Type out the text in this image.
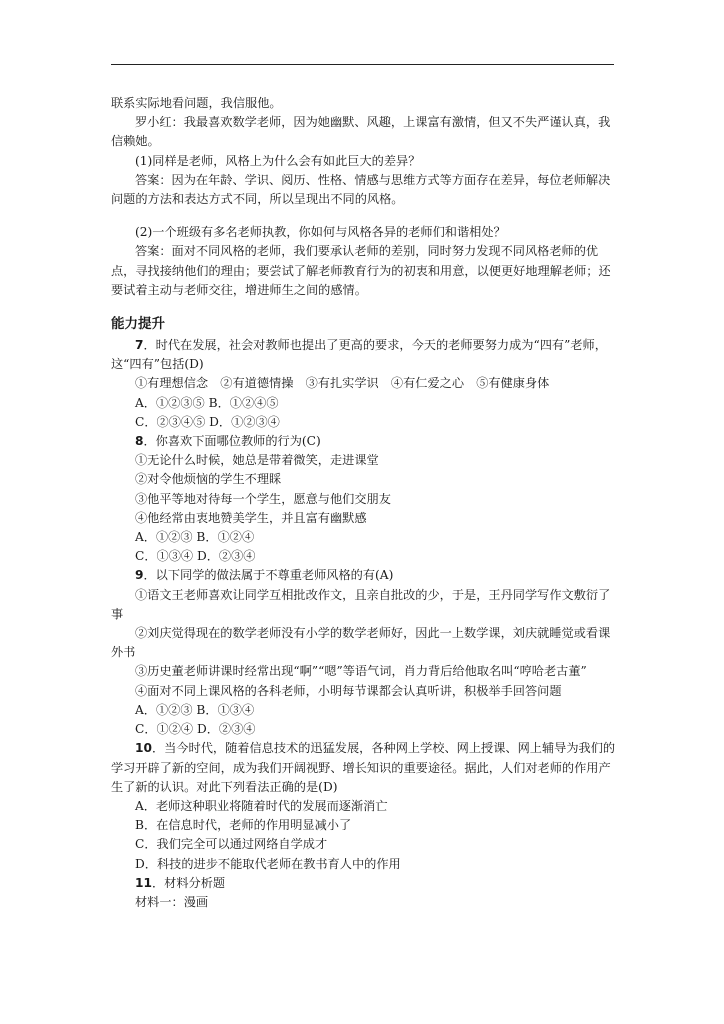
联系实际地看问题，我信服他。

罗小红：我最喜欢数学老师，因为她幽默、风趣，上课富有激情，但又不失严谨认真，我信赖她。

(1)同样是老师，风格上为什么会有如此巨大的差异？

答案：因为在年龄、学识、阅历、性格、情感与思维方式等方面存在差异，每位老师解决问题的方法和表达方式不同，所以呈现出不同的风格。

(2)一个班级有多名老师执教，你如何与风格各异的老师们和谐相处？

答案：面对不同风格的老师，我们要承认老师的差别，同时努力发现不同风格老师的优点，寻找接纳他们的理由；要尝试了解老师教育行为的初衷和用意，以便更好地理解老师；还要试着主动与老师交往，增进师生之间的感情。

能力提升

7．时代在发展，社会对教师也提出了更高的要求，今天的老师要努力成为“四有”老师，这“四有”包括(D)

①有理想信念　②有道德情操　③有扎实学识　④有仁爱之心　⑤有健康身体

A．①②③⑤ B．①②④⑤

C．②③④⑤ D．①②③④

8．你喜欢下面哪位教师的行为(C)

①无论什么时候，她总是带着微笑，走进课堂

②对令他烦恼的学生不理睬

③他平等地对待每一个学生，愿意与他们交朋友

④他经常由衷地赞美学生，并且富有幽默感

A．①②③ B．①②④

C．①③④ D．②③④

9．以下同学的做法属于不尊重老师风格的有(A)

①语文王老师喜欢让同学互相批改作文，且亲自批改的少，于是，王丹同学写作文敷衍了事

②刘庆觉得现在的数学老师没有小学的数学老师好，因此一上数学课，刘庆就睡觉或看课外书

③历史董老师讲课时经常出现“啊”“嗯”等语气词，肖力背后给他取名叫“哼哈老古董”

④面对不同上课风格的各科老师，小明每节课都会认真听讲，积极举手回答问题

A．①②③ B．①③④

C．①②④ D．②③④

10．当今时代，随着信息技术的迅猛发展，各种网上学校、网上授课、网上辅导为我们的学习开辟了新的空间，成为我们开阔视野、增长知识的重要途径。据此，人们对老师的作用产生了新的认识。对此下列看法正确的是(D)

A．老师这种职业将随着时代的发展而逐渐消亡

B．在信息时代，老师的作用明显减小了

C．我们完全可以通过网络自学成才

D．科技的进步不能取代老师在教书育人中的作用

11．材料分析题

材料一：漫画
